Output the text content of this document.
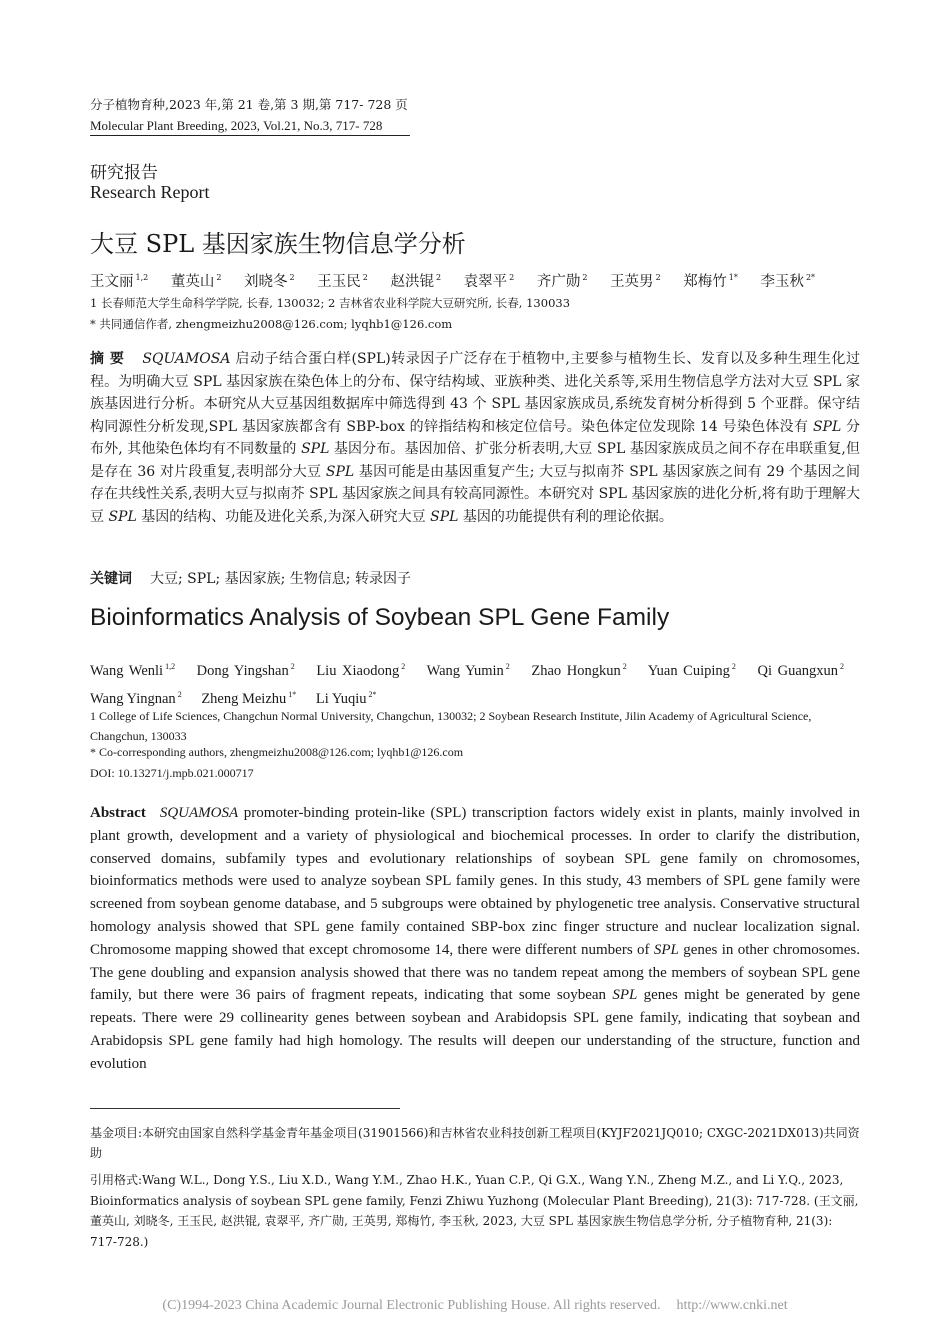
分子植物育种,2023 年,第 21 卷,第 3 期,第 717- 728 页
Molecular Plant Breeding, 2023, Vol.21, No.3, 717- 728
研究报告
Research Report
大豆 SPL 基因家族生物信息学分析
王文丽 $^{1,2}$ 董英山 $^2$ 刘晓冬 $^2$ 王玉民 $^2$ 赵洪锟 $^2$ 袁翠平 $^2$ 齐广勋 $^2$ 王英男 $^2$ 郑梅竹 $^{1*}$ 李玉秋 $^{2*}$
1 长春师范大学生命科学学院, 长春, 130032; 2 吉林省农业科学院大豆研究所, 长春, 130033
* 共同通信作者, zhengmeizhu2008@126.com; lyqhb1@126.com
摘 要 SQUAMOSA 启动子结合蛋白样(SPL)转录因子广泛存在于植物中,主要参与植物生长、发育以及多种生理生化过程。为明确大豆 SPL 基因家族在染色体上的分布、保守结构域、亚族种类、进化关系等,采用生物信息学方法对大豆 SPL 家族基因进行分析。本研究从大豆基因组数据库中筛选得到 43 个 SPL 基因家族成员,系统发育树分析得到 5 个亚群。保守结构同源性分析发现,SPL 基因家族都含有 SBP-box 的锌指结构和核定位信号。染色体定位发现除 14 号染色体没有 SPL 分布外, 其他染色体均有不同数量的 SPL 基因分布。基因加倍、扩张分析表明,大豆 SPL 基因家族成员之间不存在串联重复,但是存在 36 对片段重复,表明部分大豆 SPL 基因可能是由基因重复产生; 大豆与拟南芥 SPL 基因家族之间有 29 个基因之间存在共线性关系,表明大豆与拟南芥 SPL 基因家族之间具有较高同源性。本研究对 SPL 基因家族的进化分析,将有助于理解大豆 SPL 基因的结构、功能及进化关系,为深入研究大豆 SPL 基因的功能提供有利的理论依据。
关键词 大豆; SPL; 基因家族; 生物信息; 转录因子
Bioinformatics Analysis of Soybean SPL Gene Family
Wang Wenli $^{1,2}$ Dong Yingshan $^2$ Liu Xiaodong $^2$ Wang Yumin $^2$ Zhao Hongkun $^2$ Yuan Cuiping $^2$ Qi Guangxun $^2$ Wang Yingnan $^2$ Zheng Meizhu $^{1*}$ Li Yuqiu $^{2*}$
1 College of Life Sciences, Changchun Normal University, Changchun, 130032; 2 Soybean Research Institute, Jilin Academy of Agricultural Science, Changchun, 130033
* Co-corresponding authors, zhengmeizhu2008@126.com; lyqhb1@126.com
DOI: 10.13271/j.mpb.021.000717
Abstract SQUAMOSA promoter-binding protein-like (SPL) transcription factors widely exist in plants, mainly involved in plant growth, development and a variety of physiological and biochemical processes. In order to clarify the distribution, conserved domains, subfamily types and evolutionary relationships of soybean SPL gene family on chromosomes, bioinformatics methods were used to analyze soybean SPL family genes. In this study, 43 members of SPL gene family were screened from soybean genome database, and 5 subgroups were obtained by phylogenetic tree analysis. Conservative structural homology analysis showed that SPL gene family contained SBP-box zinc finger structure and nuclear localization signal. Chromosome mapping showed that except chromosome 14, there were different numbers of SPL genes in other chromosomes. The gene doubling and expansion analysis showed that there was no tandem repeat among the members of soybean SPL gene family, but there were 36 pairs of fragment repeats, indicating that some soybean SPL genes might be generated by gene repeats. There were 29 collinearity genes between soybean and Arabidopsis SPL gene family, indicating that soybean and Arabidopsis SPL gene family had high homology. The results will deepen our understanding of the structure, function and evolution
基金项目:本研究由国家自然科学基金青年基金项目(31901566)和吉林省农业科技创新工程项目(KYJF2021JQ010; CXGC-2021DX013)共同资助
引用格式:Wang W.L., Dong Y.S., Liu X.D., Wang Y.M., Zhao H.K., Yuan C.P., Qi G.X., Wang Y.N., Zheng M.Z., and Li Y.Q., 2023, Bioinformatics analysis of soybean SPL gene family, Fenzi Zhiwu Yuzhong (Molecular Plant Breeding), 21(3): 717-728. (王文丽, 董英山, 刘晓冬, 王玉民, 赵洪锟, 袁翠平, 齐广勋, 王英男, 郑梅竹, 李玉秋, 2023, 大豆 SPL 基因家族生物信息学分析, 分子植物育种, 21(3): 717-728.)
(C)1994-2023 China Academic Journal Electronic Publishing House. All rights reserved. http://www.cnki.net
